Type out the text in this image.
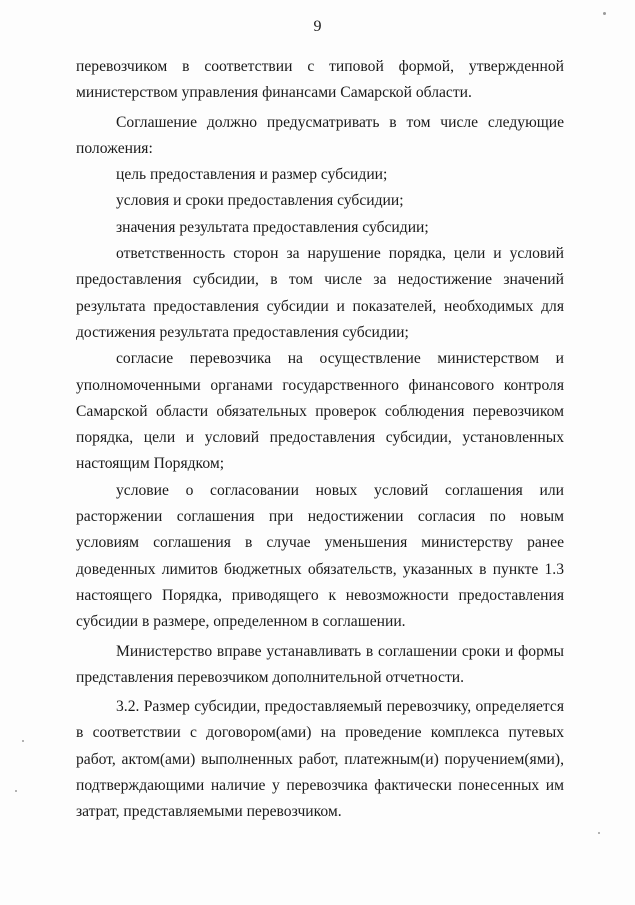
9

перевозчиком в соответствии с типовой формой, утвержденной министерством управления финансами Самарской области.

Соглашение должно предусматривать в том числе следующие положения:

цель предоставления и размер субсидии;

условия и сроки предоставления субсидии;

значения результата предоставления субсидии;

ответственность сторон за нарушение порядка, цели и условий предоставления субсидии, в том числе за недостижение значений результата предоставления субсидии и показателей, необходимых для достижения результата предоставления субсидии;

согласие перевозчика на осуществление министерством и уполномоченными органами государственного финансового контроля Самарской области обязательных проверок соблюдения перевозчиком порядка, цели и условий предоставления субсидии, установленных настоящим Порядком;

условие о согласовании новых условий соглашения или расторжении соглашения при недостижении согласия по новым условиям соглашения в случае уменьшения министерству ранее доведенных лимитов бюджетных обязательств, указанных в пункте 1.3 настоящего Порядка, приводящего к невозможности предоставления субсидии в размере, определенном в соглашении.

Министерство вправе устанавливать в соглашении сроки и формы представления перевозчиком дополнительной отчетности.

3.2. Размер субсидии, предоставляемый перевозчику, определяется в соответствии с договором(ами) на проведение комплекса путевых работ, актом(ами) выполненных работ, платежным(и) поручением(ями), подтверждающими наличие у перевозчика фактически понесенных им затрат, представляемыми перевозчиком.
